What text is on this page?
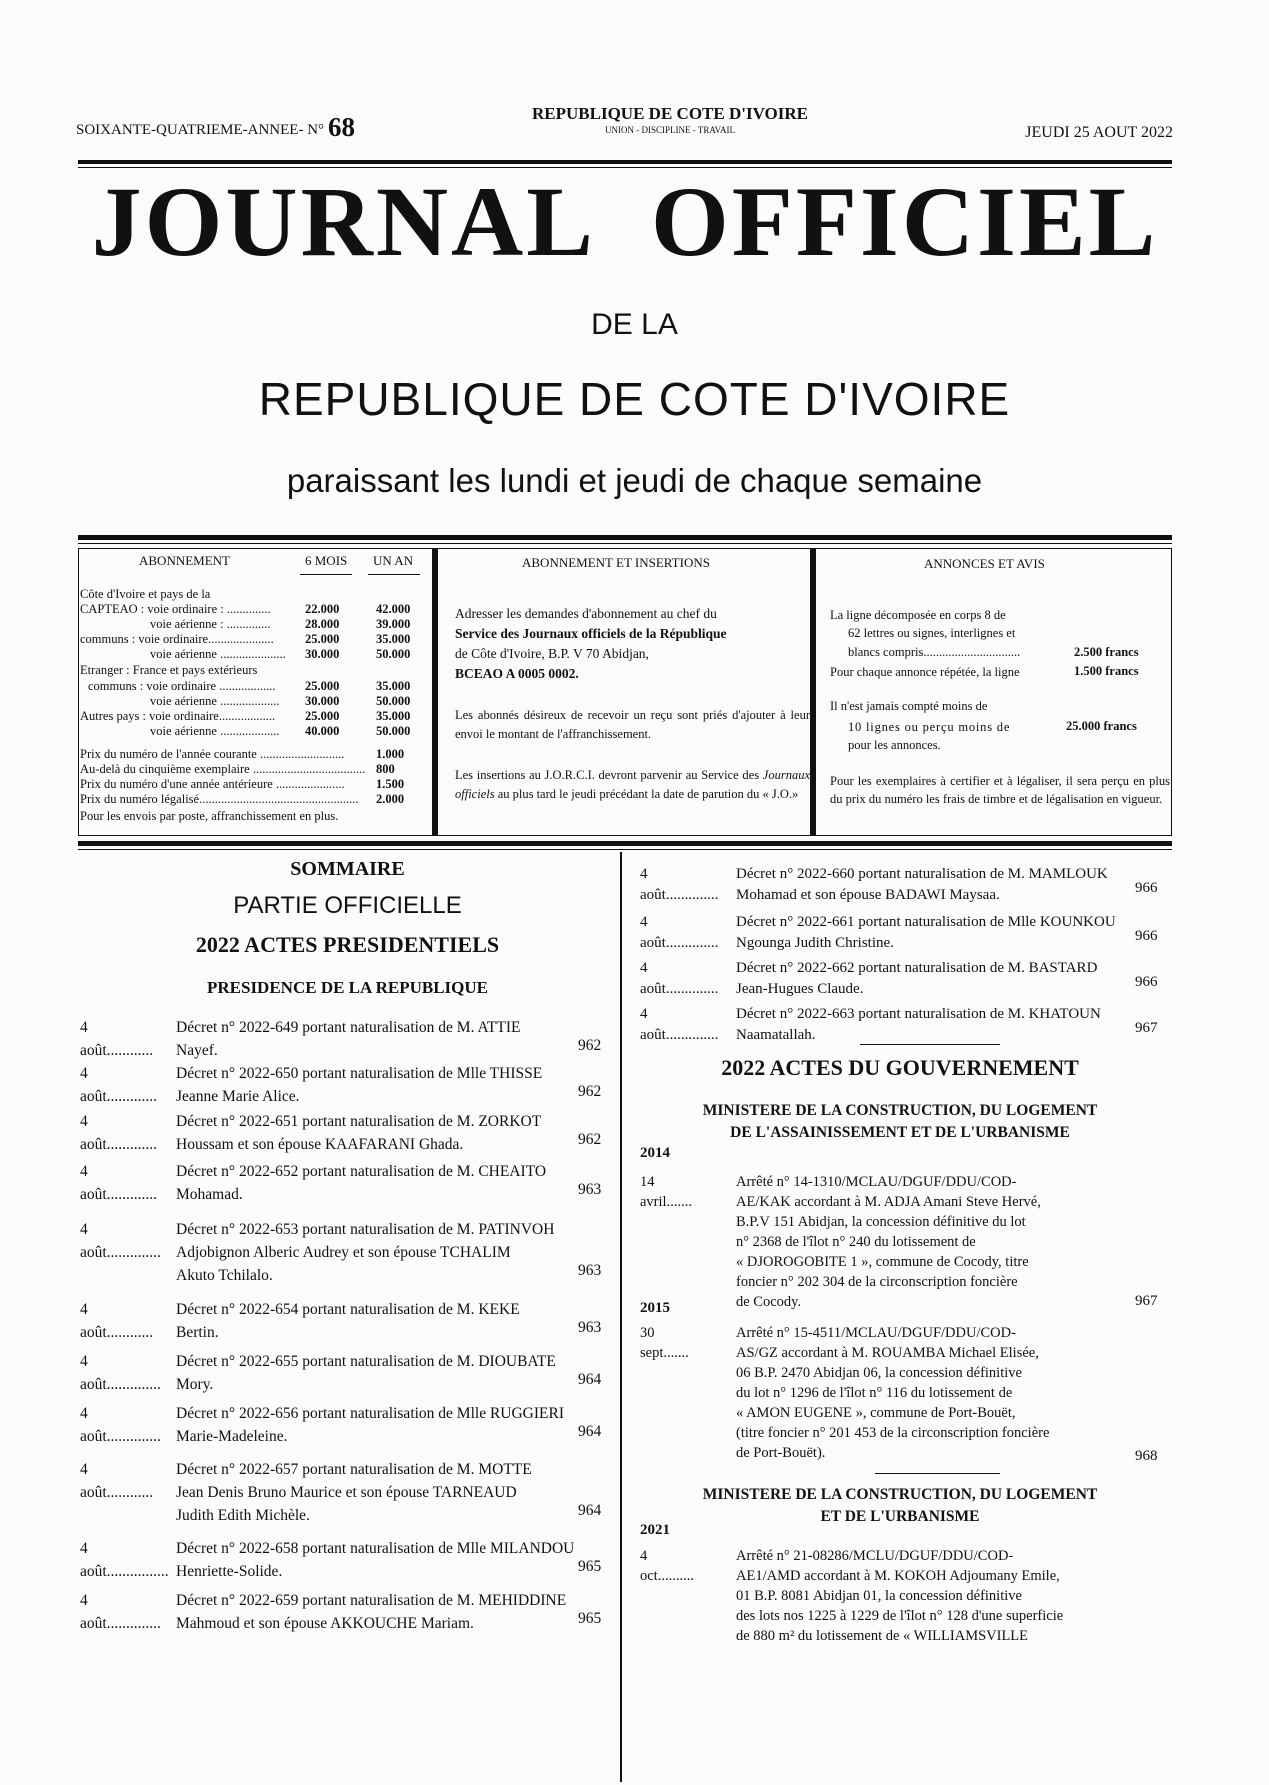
SOIXANTE-QUATRIEME-ANNEE- N° 68	REPUBLIQUE DE COTE D'IVOIRE
UNION - DISCIPLINE - TRAVAIL	JEUDI 25 AOUT 2022
JOURNAL OFFICIEL
DE LA
REPUBLIQUE DE COTE D'IVOIRE
paraissant les lundi et jeudi de chaque semaine
ABONNEMENT	6 MOIS UN AN
Côte d'Ivoire et pays de la
CAPTEAO : voie ordinaire : ..............	22.000	42.000
voie aérienne : ..............	28.000	39.000
communs : voie ordinaire.....................	25.000	35.000
voie aérienne ..................... 30.000	50.000
Etranger : France et pays extérieurs
communs : voie ordinaire .................. 25.000	35.000
voie aérienne ................... 30.000	50.000
Autres pays : voie ordinaire.................. 25.000	35.000
voie aérienne ................... 40.000	50.000
Prix du numéro de l'année courante ...........................	1.000
Au-delà du cinquième exemplaire .................................... 800
Prix du numéro d'une année antérieure ......................	1.500
Prix du numéro légalisé................................................... 2.000
Pour les envois par poste, affranchissement en plus.
ABONNEMENT ET INSERTIONS
Adresser les demandes d'abonnement au chef du
Service des Journaux officiels de la République
de Côte d'Ivoire, B.P. V 70 Abidjan,
BCEAO A 0005 0002.
Les abonnés désireux de recevoir un reçu sont priés d'ajouter à leur envoi le montant de l'affranchissement.
Les insertions au J.O.R.C.I. devront parvenir au Service des Journaux officiels au plus tard le jeudi précédant la date de parution du « J.O.»
ANNONCES ET AVIS
La ligne décomposée en corps 8 de
62 lettres ou signes, interlignes et
blancs compris...............................	2.500 francs
Pour chaque annonce répétée, la ligne	1.500 francs
Il n'est jamais compté moins de
10 lignes ou perçu moins de	25.000 francs
pour les annonces.
Pour les exemplaires à certifier et à légaliser, il sera perçu en plus du prix du numéro les frais de timbre et de légalisation en vigueur.
SOMMAIRE
PARTIE OFFICIELLE
2022 ACTES PRESIDENTIELS
PRESIDENCE DE LA REPUBLIQUE
4 août............
Décret n° 2022-649 portant naturalisation de M. ATTIE
Nayef.	962
4 août.............
Décret n° 2022-650 portant naturalisation de Mlle THISSE
Jeanne Marie Alice.	962
4 août.............
Décret n° 2022-651 portant naturalisation de M. ZORKOT
Houssam et son épouse KAAFARANI Ghada.	962
4 août.............
Décret n° 2022-652 portant naturalisation de M. CHEAITO
Mohamad.	963
4 août..............
Décret n° 2022-653 portant naturalisation de M. PATINVOH
Adjobignon Alberic Audrey et son épouse TCHALIM
Akuto Tchilalo.	963
4 août............
Décret n° 2022-654 portant naturalisation de M. KEKE
Bertin.	963
4 août..............
Décret n° 2022-655 portant naturalisation de M. DIOUBATE
Mory.	964
4 août..............
Décret n° 2022-656 portant naturalisation de Mlle RUGGIERI
Marie-Madeleine.	964
4 août............
Décret n° 2022-657 portant naturalisation de M. MOTTE
Jean Denis Bruno Maurice et son épouse TARNEAUD
Judith Edith Michèle.	964
4 août................
Décret n° 2022-658 portant naturalisation de Mlle MILANDOU
Henriette-Solide.	965
4 août..............
Décret n° 2022-659 portant naturalisation de M. MEHIDDINE
Mahmoud et son épouse AKKOUCHE Mariam.	965
4 août..............
Décret n° 2022-660 portant naturalisation de M. MAMLOUK
Mohamad et son épouse BADAWI Maysaa.	966
4 août..............
Décret n° 2022-661 portant naturalisation de Mlle KOUNKOU
Ngounga Judith Christine.	966
4 août..............
Décret n° 2022-662 portant naturalisation de M. BASTARD
Jean-Hugues Claude.	966
4 août..............
Décret n° 2022-663 portant naturalisation de M. KHATOUN
Naamatallah.	967
2022 ACTES DU GOUVERNEMENT
MINISTERE DE LA CONSTRUCTION, DU LOGEMENT
DE L'ASSAINISSEMENT ET DE L'URBANISME
2014
14 avril.......
Arrêté n° 14-1310/MCLAU/DGUF/DDU/COD-
AE/KAK accordant à M. ADJA Amani Steve Hervé,
B.P.V 151 Abidjan, la concession définitive du lot
n° 2368 de l'îlot n° 240 du lotissement de
« DJOROGOBITE 1 », commune de Cocody, titre
foncier n° 202 304 de la circonscription foncière
de Cocody.	967
2015
30 sept.......
Arrêté n° 15-4511/MCLAU/DGUF/DDU/COD-
AS/GZ accordant à M. ROUAMBA Michael Elisée,
06 B.P. 2470 Abidjan 06, la concession définitive
du lot n° 1296 de l'îlot n° 116 du lotissement de
« AMON EUGENE », commune de Port-Bouët,
(titre foncier n° 201 453 de la circonscription foncière
de Port-Bouët).	968
MINISTERE DE LA CONSTRUCTION, DU LOGEMENT
ET DE L'URBANISME
2021
4 oct..........
Arrêté n° 21-08286/MCLU/DGUF/DDU/COD-
AE1/AMD accordant à M. KOKOH Adjoumany Emile,
01 B.P. 8081 Abidjan 01, la concession définitive
des lots nos 1225 à 1229 de l'îlot n° 128 d'une superficie
de 880 m² du lotissement de « WILLIAMSVILLE
